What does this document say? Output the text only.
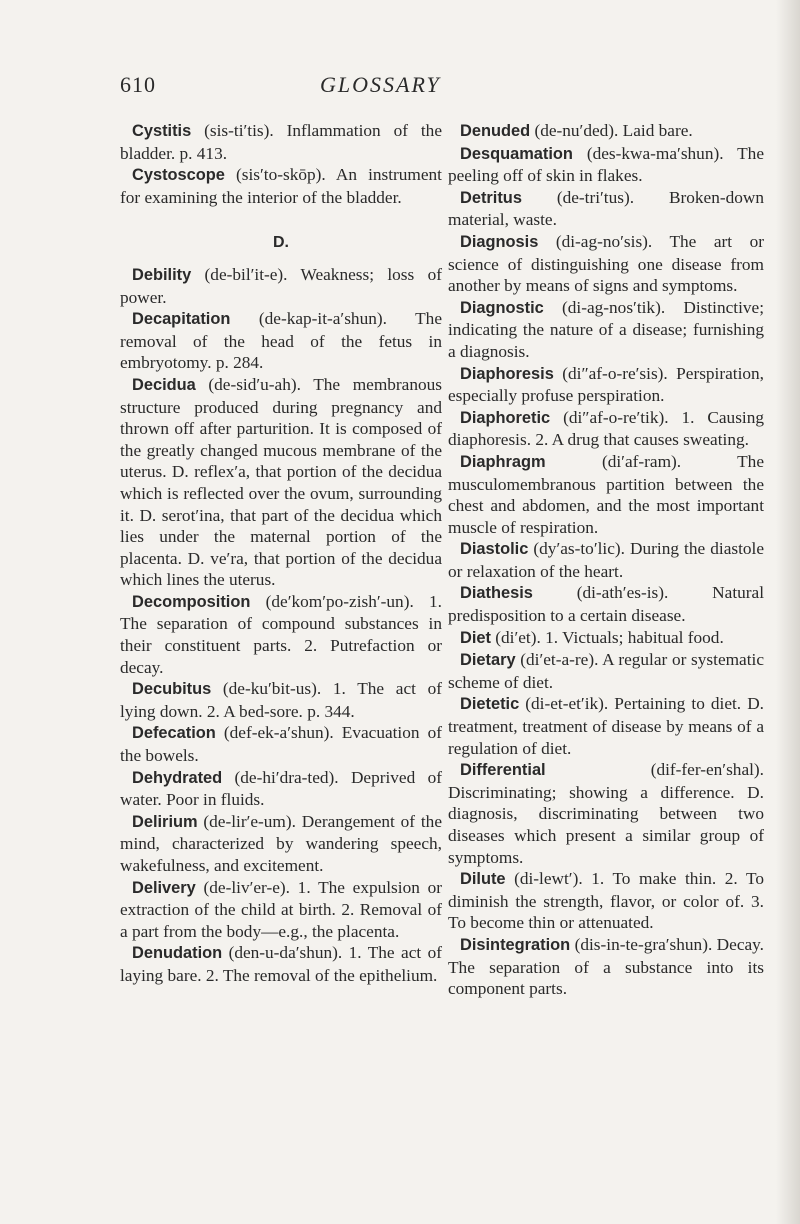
610	GLOSSARY

Cystitis (sis-ti′tis). Inflammation of the bladder. p. 413.

Cystoscope (sis′to-skōp). An instrument for examining the interior of the bladder.

D.

Debility (de-bil′it-e). Weakness; loss of power.

Decapitation (de-kap-it-a′shun). The removal of the head of the fetus in embryotomy. p. 284.

Decidua (de-sid′u-ah). The membranous structure produced during pregnancy and thrown off after parturition. It is composed of the greatly changed mucous membrane of the uterus. D. reflex′a, that portion of the decidua which is reflected over the ovum, surrounding it. D. serot′ina, that part of the decidua which lies under the maternal portion of the placenta. D. ve′ra, that portion of the decidua which lines the uterus.

Decomposition (de′kom′po-zish′-un). 1. The separation of compound substances in their constituent parts. 2. Putrefaction or decay.

Decubitus (de-ku′bit-us). 1. The act of lying down. 2. A bed-sore. p. 344.

Defecation (def-ek-a′shun). Evacuation of the bowels.

Dehydrated (de-hi′dra-ted). Deprived of water. Poor in fluids.

Delirium (de-lir′e-um). Derangement of the mind, characterized by wandering speech, wakefulness, and excitement.

Delivery (de-liv′er-e). 1. The expulsion or extraction of the child at birth. 2. Removal of a part from the body—e.g., the placenta.

Denudation (den-u-da′shun). 1. The act of laying bare. 2. The removal of the epithelium.

Denuded (de-nu′ded). Laid bare.

Desquamation (des-kwa-ma′shun). The peeling off of skin in flakes.

Detritus (de-tri′tus). Broken-down material, waste.

Diagnosis (di-ag-no′sis). The art or science of distinguishing one disease from another by means of signs and symptoms.

Diagnostic (di-ag-nos′tik). Distinctive; indicating the nature of a disease; furnishing a diagnosis.

Diaphoresis (di″af-o-re′sis). Perspiration, especially profuse perspiration.

Diaphoretic (di″af-o-re′tik). 1. Causing diaphoresis. 2. A drug that causes sweating.

Diaphragm (di′af-ram). The musculomembranous partition between the chest and abdomen, and the most important muscle of respiration.

Diastolic (dy′as-to′lic). During the diastole or relaxation of the heart.

Diathesis (di-ath′es-is). Natural predisposition to a certain disease.

Diet (di′et). 1. Victuals; habitual food.

Dietary (di′et-a-re). A regular or systematic scheme of diet.

Dietetic (di-et-et′ik). Pertaining to diet. D. treatment, treatment of disease by means of a regulation of diet.

Differential (dif-fer-en′shal). Discriminating; showing a difference. D. diagnosis, discriminating between two diseases which present a similar group of symptoms.

Dilute (di-lewt′). 1. To make thin. 2. To diminish the strength, flavor, or color of. 3. To become thin or attenuated.

Disintegration (dis-in-te-gra′shun). Decay. The separation of a substance into its component parts.
